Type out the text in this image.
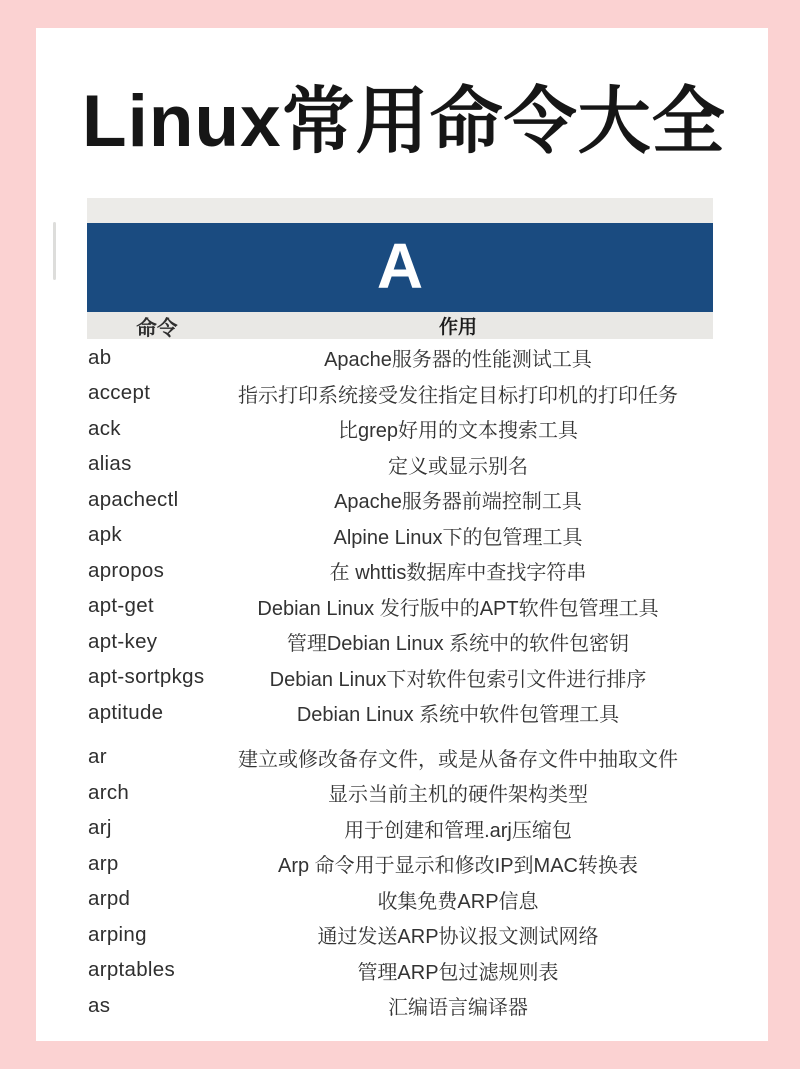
Linux常用命令大全
A
命令	作用
ab	Apache服务器的性能测试工具
accept	指示打印系统接受发往指定目标打印机的打印任务
ack	比grep好用的文本搜索工具
alias	定义或显示别名
apachectl	Apache服务器前端控制工具
apk	Alpine Linux下的包管理工具
apropos	在 whttis数据库中查找字符串
apt-get	Debian Linux 发行版中的APT软件包管理工具
apt-key	管理Debian Linux 系统中的软件包密钥
apt-sortpkgs	Debian Linux下对软件包索引文件进行排序
aptitude	Debian Linux 系统中软件包管理工具
ar	建立或修改备存文件，或是从备存文件中抽取文件
arch	显示当前主机的硬件架构类型
arj	用于创建和管理.arj压缩包
arp	Arp 命令用于显示和修改IP到MAC转换表
arpd	收集免费ARP信息
arping	通过发送ARP协议报文测试网络
arptables	管理ARP包过滤规则表
as	汇编语言编译器
